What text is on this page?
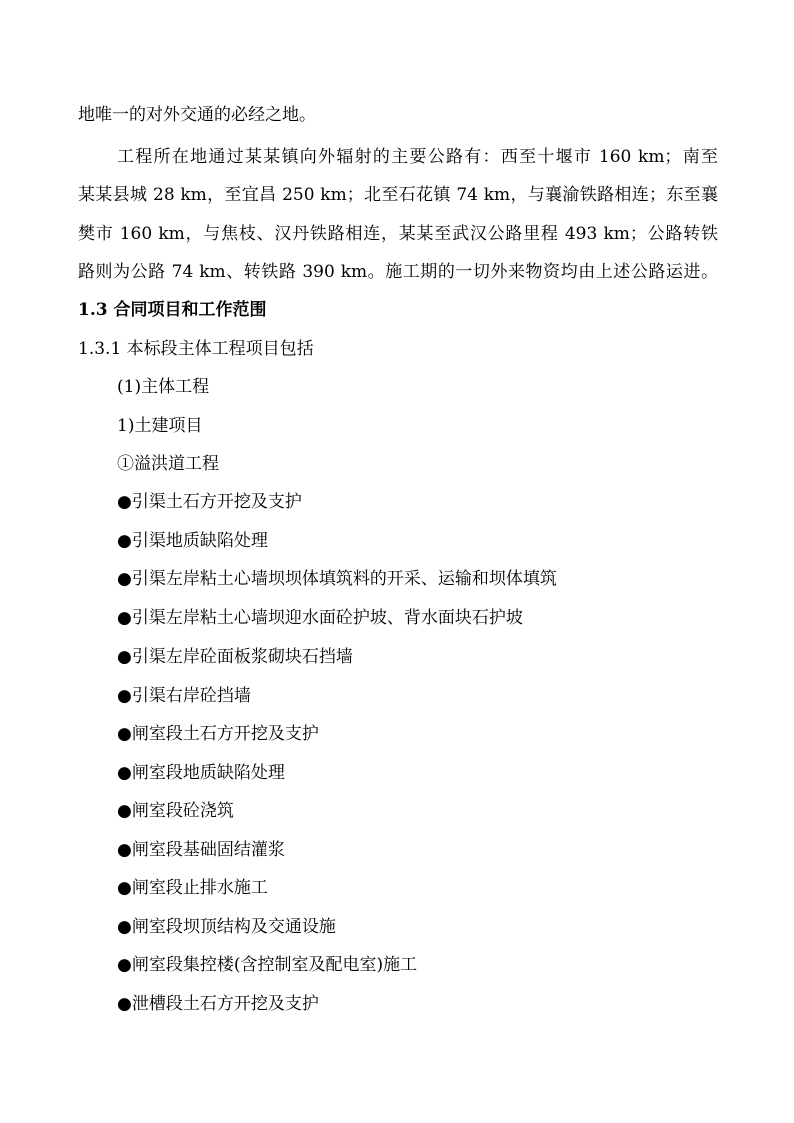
地唯一的对外交通的必经之地。
工程所在地通过某某镇向外辐射的主要公路有：西至十堰市 160 km；南至
某某县城 28 km，至宜昌 250 km；北至石花镇 74 km，与襄渝铁路相连；东至襄
樊市 160 km，与焦枝、汉丹铁路相连，某某至武汉公路里程 493 km；公路转铁
路则为公路 74 km、转铁路 390 km。施工期的一切外来物资均由上述公路运进。
1.3 合同项目和工作范围
1.3.1 本标段主体工程项目包括
(1)主体工程
1)土建项目
①溢洪道工程
●引渠土石方开挖及支护
●引渠地质缺陷处理
●引渠左岸粘土心墙坝坝体填筑料的开采、运输和坝体填筑
●引渠左岸粘土心墙坝迎水面砼护坡、背水面块石护坡
●引渠左岸砼面板浆砌块石挡墙
●引渠右岸砼挡墙
●闸室段土石方开挖及支护
●闸室段地质缺陷处理
●闸室段砼浇筑
●闸室段基础固结灌浆
●闸室段止排水施工
●闸室段坝顶结构及交通设施
●闸室段集控楼(含控制室及配电室)施工
●泄槽段土石方开挖及支护
